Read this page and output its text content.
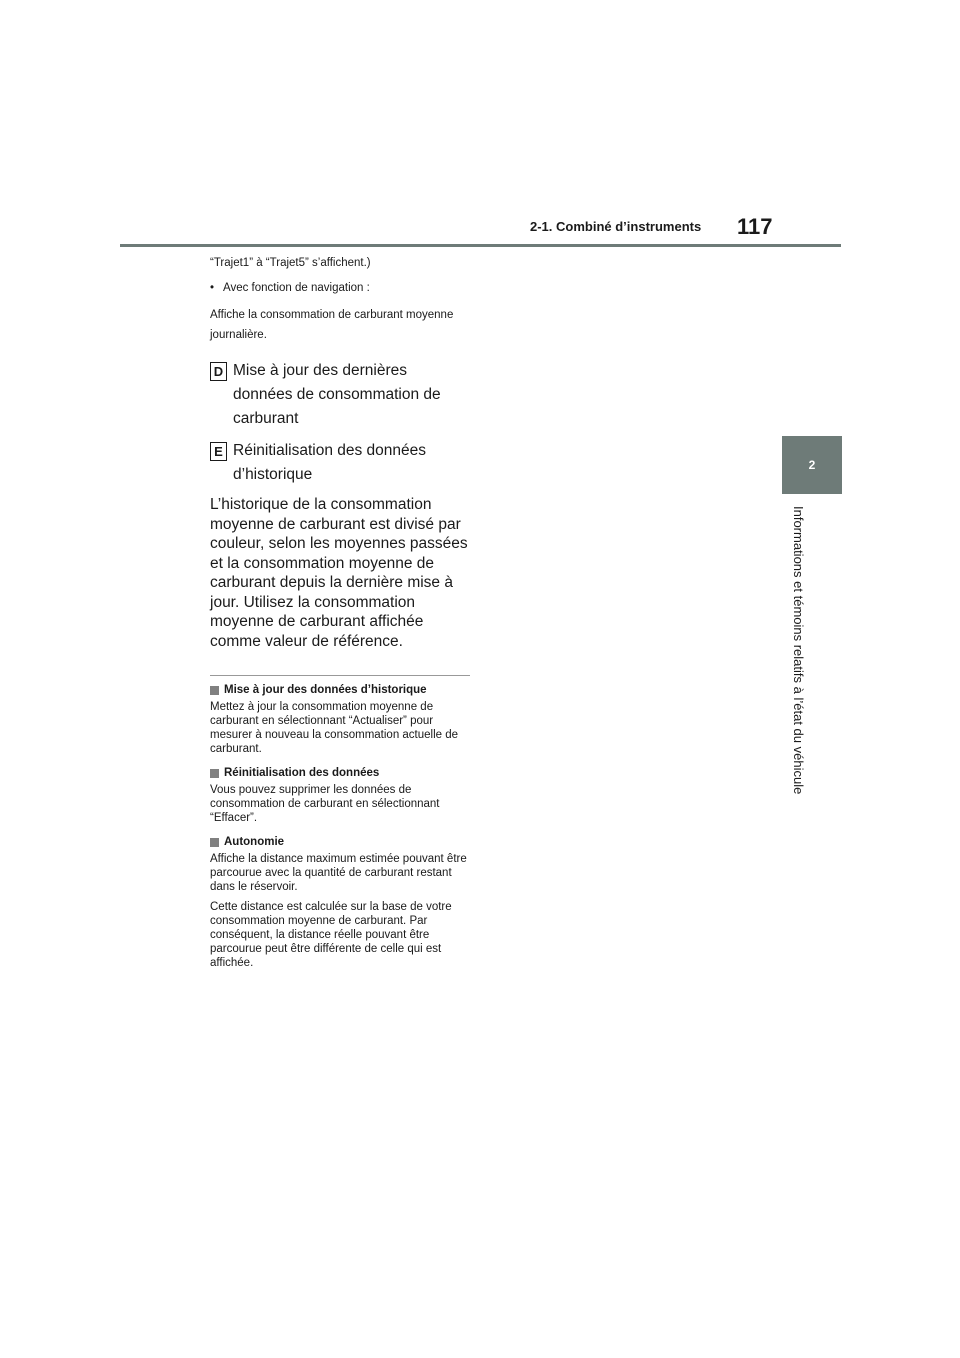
2-1. Combiné d’instruments 117
2
Informations et témoins relatifs à l’état du véhicule

“Trajet1” à “Trajet5” s’affichent.)

• Avec fonction de navigation :

Affiche la consommation de carburant moyenne journalière.

D Mise à jour des dernières données de consommation de carburant
E Réinitialisation des données d’historique

L’historique de la consommation moyenne de carburant est divisé par couleur, selon les moyennes passées et la consommation moyenne de carburant depuis la dernière mise à jour. Utilisez la consommation moyenne de carburant affichée comme valeur de référence.

Mise à jour des données d’historique

Mettez à jour la consommation moyenne de carburant en sélectionnant “Actualiser” pour mesurer à nouveau la consommation actuelle de carburant.

Réinitialisation des données

Vous pouvez supprimer les données de consommation de carburant en sélectionnant “Effacer”.

Autonomie

Affiche la distance maximum estimée pouvant être parcourue avec la quantité de carburant restant dans le réservoir.

Cette distance est calculée sur la base de votre consommation moyenne de carburant. Par conséquent, la distance réelle pouvant être parcourue peut être différente de celle qui est affichée.
